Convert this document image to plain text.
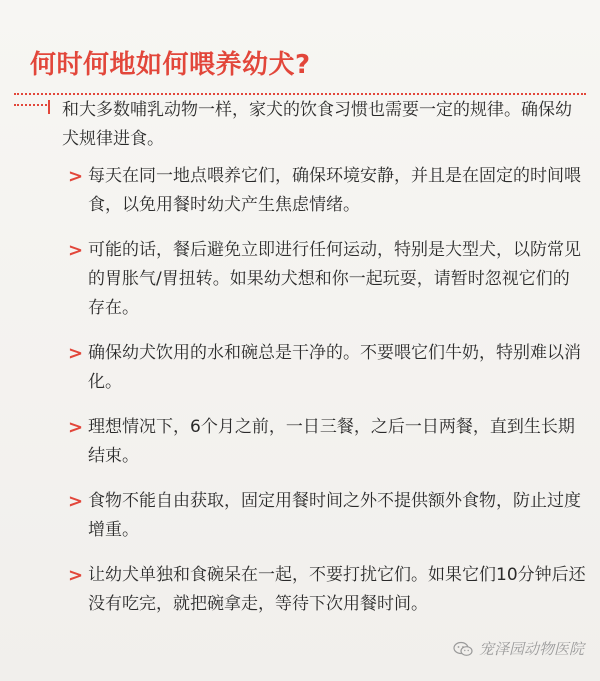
何时何地如何喂养幼犬?
和大多数哺乳动物一样，家犬的饮食习惯也需要一定的规律。确保幼犬规律进食。
> 每天在同一地点喂养它们，确保环境安静，并且是在固定的时间喂食，以免用餐时幼犬产生焦虑情绪。
> 可能的话，餐后避免立即进行任何运动，特别是大型犬，以防常见的胃胀气/胃扭转。如果幼犬想和你一起玩耍，请暂时忽视它们的存在。
> 确保幼犬饮用的水和碗总是干净的。不要喂它们牛奶，特别难以消化。
> 理想情况下，6个月之前，一日三餐，之后一日两餐，直到生长期结束。
> 食物不能自由获取，固定用餐时间之外不提供额外食物，防止过度增重。
> 让幼犬单独和食碗呆在一起，不要打扰它们。如果它们10分钟后还没有吃完，就把碗拿走，等待下次用餐时间。
宠泽园动物医院
